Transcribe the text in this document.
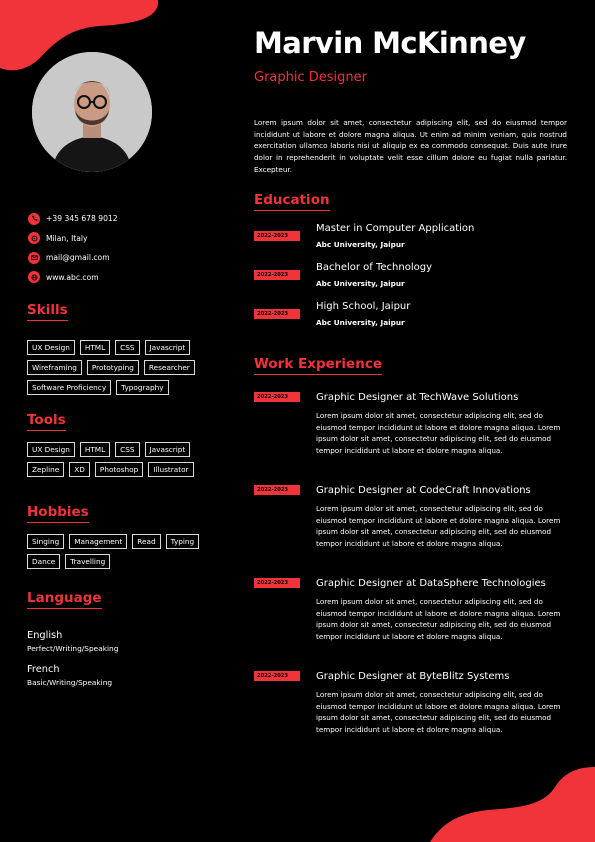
+39 345 678 9012
Milan, Italy
mail@gmail.com
www.abc.com
Skills
UX Design	HTML	CSS	Javascript
Wireframing	Prototyping	Researcher
Software Proficiency	Typography
Tools
UX Design	HTML	CSS	Javascript
Zepline	XD	Photoshop	Illustrator
Hobbies
Singing	Management	Read	Typing
Dance	Travelling
Language
English
Perfect/Writing/Speaking
French
Basic/Writing/Speaking
Marvin McKinney
Graphic Designer
Lorem ipsum dolor sit amet, consectetur adipiscing elit, sed do eiusmod tempor incididunt ut labore et dolore magna aliqua. Ut enim ad minim veniam, quis nostrud exercitation ullamco laboris nisi ut aliquip ex ea commodo consequat. Duis aute irure dolor in reprehenderit in voluptate velit esse cillum dolore eu fugiat nulla pariatur. Excepteur.
Education
2022-2023
Master in Computer Application
Abc University, Jaipur
2022-2023
Bachelor of Technology
Abc University, Jaipur
2022-2023
High School, Jaipur
Abc University, Jaipur
Work Experience
2022-2023	Graphic Designer at TechWave Solutions
Lorem ipsum dolor sit amet, consectetur adipiscing elit, sed do eiusmod tempor incididunt ut labore et dolore magna aliqua. Lorem ipsum dolor sit amet, consectetur adipiscing elit, sed do eiusmod tempor incididunt ut labore et dolore magna aliqua.
2022-2023	Graphic Designer at CodeCraft Innovations
Lorem ipsum dolor sit amet, consectetur adipiscing elit, sed do eiusmod tempor incididunt ut labore et dolore magna aliqua. Lorem ipsum dolor sit amet, consectetur adipiscing elit, sed do eiusmod tempor incididunt ut labore et dolore magna aliqua.
2022-2023	Graphic Designer at DataSphere Technologies
Lorem ipsum dolor sit amet, consectetur adipiscing elit, sed do eiusmod tempor incididunt ut labore et dolore magna aliqua. Lorem ipsum dolor sit amet, consectetur adipiscing elit, sed do eiusmod tempor incididunt ut labore et dolore magna aliqua.
2022-2023	Graphic Designer at ByteBlitz Systems
Lorem ipsum dolor sit amet, consectetur adipiscing elit, sed do eiusmod tempor incididunt ut labore et dolore magna aliqua. Lorem ipsum dolor sit amet, consectetur adipiscing elit, sed do eiusmod tempor incididunt ut labore et dolore magna aliqua.
